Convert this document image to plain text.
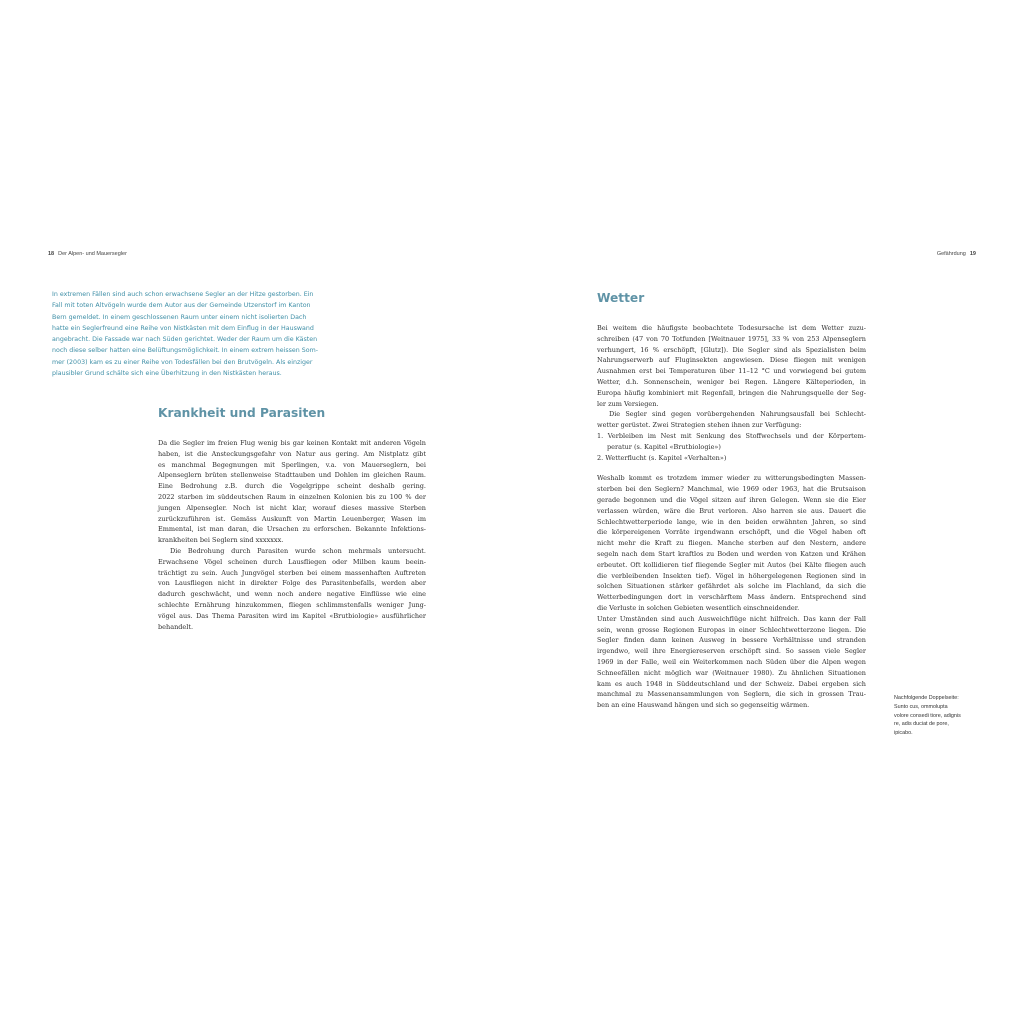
18 Der Alpen- und Mauersegler	Gefährdung 19
In extremen Fällen sind auch schon erwachsene Segler an der Hitze gestorben. Ein
Fall mit toten Altvögeln wurde dem Autor aus der Gemeinde Utzenstorf im Kanton
Bern gemeldet. In einem geschlossenen Raum unter einem nicht isolierten Dach
hatte ein Seglerfreund eine Reihe von Nistkästen mit dem Einflug in der Hauswand
angebracht. Die Fassade war nach Süden gerichtet. Weder der Raum um die Kästen
noch diese selber hatten eine Belüftungsmöglichkeit. In einem extrem heissen Som-
mer (2003) kam es zu einer Reihe von Todesfällen bei den Brutvögeln. Als einziger
plausibler Grund schälte sich eine Überhitzung in den Nistkästen heraus.
Krankheit und Parasiten
Wetter
Da die Segler im freien Flug wenig bis gar keinen Kontakt mit anderen Vögeln
haben, ist die Ansteckungsgefahr von Natur aus gering. Am Nistplatz gibt
es manchmal Begegnungen mit Sperlingen, v.a. von Mauerseglern, bei
Alpenseglern brüten stellenweise Stadttauben und Dohlen im gleichen Raum.
Eine Bedrohung z.B. durch die Vogelgrippe scheint deshalb gering.
2022 starben im süddeutschen Raum in einzelnen Kolonien bis zu 100 % der
jungen Alpensegler. Noch ist nicht klar, worauf dieses massive Sterben
zurückzuführen ist. Gemäss Auskunft von Martin Leuenberger, Wasen im
Emmental, ist man daran, die Ursachen zu erforschen. Bekannte Infektions-
krankheiten bei Seglern sind xxxxxxx.
Die Bedrohung durch Parasiten wurde schon mehrmals untersucht.
Erwachsene Vögel scheinen durch Lausfliegen oder Milben kaum beein-
trächtigt zu sein. Auch Jungvögel sterben bei einem massenhaften Auftreten
von Lausfliegen nicht in direkter Folge des Parasitenbefalls, werden aber
dadurch geschwächt, und wenn noch andere negative Einflüsse wie eine
schlechte Ernährung hinzukommen, fliegen schlimmstenfalls weniger Jung-
vögel aus. Das Thema Parasiten wird im Kapitel «Brutbiologie» ausführlicher
behandelt.
Bei weitem die häufigste beobachtete Todesursache ist dem Wetter zuzu-
schreiben (47 von 70 Totfunden [Weitnauer 1975], 33 % von 253 Alpenseglern
verhungert, 16 % erschöpft, [Glutz]). Die Segler sind als Spezialisten beim
Nahrungserwerb auf Fluginsekten angewiesen. Diese fliegen mit wenigen
Ausnahmen erst bei Temperaturen über 11–12 °C und vorwiegend bei gutem
Wetter, d.h. Sonnenschein, weniger bei Regen. Längere Kälteperioden, in
Europa häufig kombiniert mit Regenfall, bringen die Nahrungsquelle der Seg-
ler zum Versiegen.
Die Segler sind gegen vorübergehenden Nahrungsausfall bei Schlecht-
wetter gerüstet. Zwei Strategien stehen ihnen zur Verfügung:
1. Verbleiben im Nest mit Senkung des Stoffwechsels und der Körpertem-
peratur (s. Kapitel «Brutbiologie»)
2. Wetterflucht (s. Kapitel «Verhalten»)
Weshalb kommt es trotzdem immer wieder zu witterungsbedingten Massen-
sterben bei den Seglern? Manchmal, wie 1969 oder 1963, hat die Brutsaison
gerade begonnen und die Vögel sitzen auf ihren Gelegen. Wenn sie die Eier
verlassen würden, wäre die Brut verloren. Also harren sie aus. Dauert die
Schlechtwetterperiode lange, wie in den beiden erwähnten Jahren, so sind
die körpereigenen Vorräte irgendwann erschöpft, und die Vögel haben oft
nicht mehr die Kraft zu fliegen. Manche sterben auf den Nestern, andere
segeln nach dem Start kraftlos zu Boden und werden von Katzen und Krähen
erbeutet. Oft kollidieren tief fliegende Segler mit Autos (bei Kälte fliegen auch
die verbleibenden Insekten tief). Vögel in höhergelegenen Regionen sind in
solchen Situationen stärker gefährdet als solche im Flachland, da sich die
Wetterbedingungen dort in verschärftem Mass ändern. Entsprechend sind
die Verluste in solchen Gebieten wesentlich einschneidender.
Unter Umständen sind auch Ausweichflüge nicht hilfreich. Das kann der Fall
sein, wenn grosse Regionen Europas in einer Schlechtwetterzone liegen. Die
Segler finden dann keinen Ausweg in bessere Verhältnisse und stranden
irgendwo, weil ihre Energiereserven erschöpft sind. So sassen viele Segler
1969 in der Falle, weil ein Weiterkommen nach Süden über die Alpen wegen
Schneefällen nicht möglich war (Weitnauer 1980). Zu ähnlichen Situationen
kam es auch 1948 in Süddeutschland und der Schweiz. Dabei ergeben sich
manchmal zu Massenansammlungen von Seglern, die sich in grossen Trau-
ben an eine Hauswand hängen und sich so gegenseitig wärmen.
Nachfolgende Doppelseite:
Sunto cus, ommolupta
volore consedi tiore, adignis
re, adis duciat de pore,
ipicabo.
